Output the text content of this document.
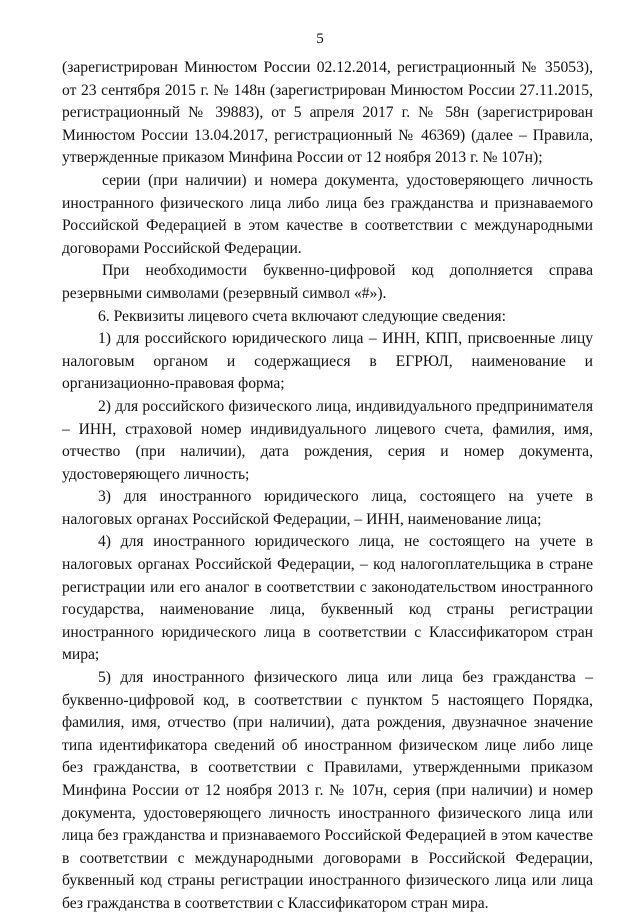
5

(зарегистрирован Минюстом России 02.12.2014, регистрационный № 35053), от 23 сентября 2015 г. № 148н (зарегистрирован Минюстом России 27.11.2015, регистрационный № 39883), от 5 апреля 2017 г. № 58н (зарегистрирован Минюстом России 13.04.2017, регистрационный № 46369) (далее – Правила, утвержденные приказом Минфина России от 12 ноября 2013 г. № 107н);

серии (при наличии) и номера документа, удостоверяющего личность иностранного физического лица либо лица без гражданства и признаваемого Российской Федерацией в этом качестве в соответствии с международными договорами Российской Федерации.

При необходимости буквенно-цифровой код дополняется справа резервными символами (резервный символ «#»).

6. Реквизиты лицевого счета включают следующие сведения:

1) для российского юридического лица – ИНН, КПП, присвоенные лицу налоговым органом и содержащиеся в ЕГРЮЛ, наименование и организационно-правовая форма;

2) для российского физического лица, индивидуального предпринимателя – ИНН, страховой номер индивидуального лицевого счета, фамилия, имя, отчество (при наличии), дата рождения, серия и номер документа, удостоверяющего личность;

3) для иностранного юридического лица, состоящего на учете в налоговых органах Российской Федерации, – ИНН, наименование лица;

4) для иностранного юридического лица, не состоящего на учете в налоговых органах Российской Федерации, – код налогоплательщика в стране регистрации или его аналог в соответствии с законодательством иностранного государства, наименование лица, буквенный код страны регистрации иностранного юридического лица в соответствии с Классификатором стран мира;

5) для иностранного физического лица или лица без гражданства – буквенно-цифровой код, в соответствии с пунктом 5 настоящего Порядка, фамилия, имя, отчество (при наличии), дата рождения, двузначное значение типа идентификатора сведений об иностранном физическом лице либо лице без гражданства, в соответствии с Правилами, утвержденными приказом Минфина России от 12 ноября 2013 г. № 107н, серия (при наличии) и номер документа, удостоверяющего личность иностранного физического лица или лица без гражданства и признаваемого Российской Федерацией в этом качестве в соответствии с международными договорами в Российской Федерации, буквенный код страны регистрации иностранного физического лица или лица без гражданства в соответствии с Классификатором стран мира.
